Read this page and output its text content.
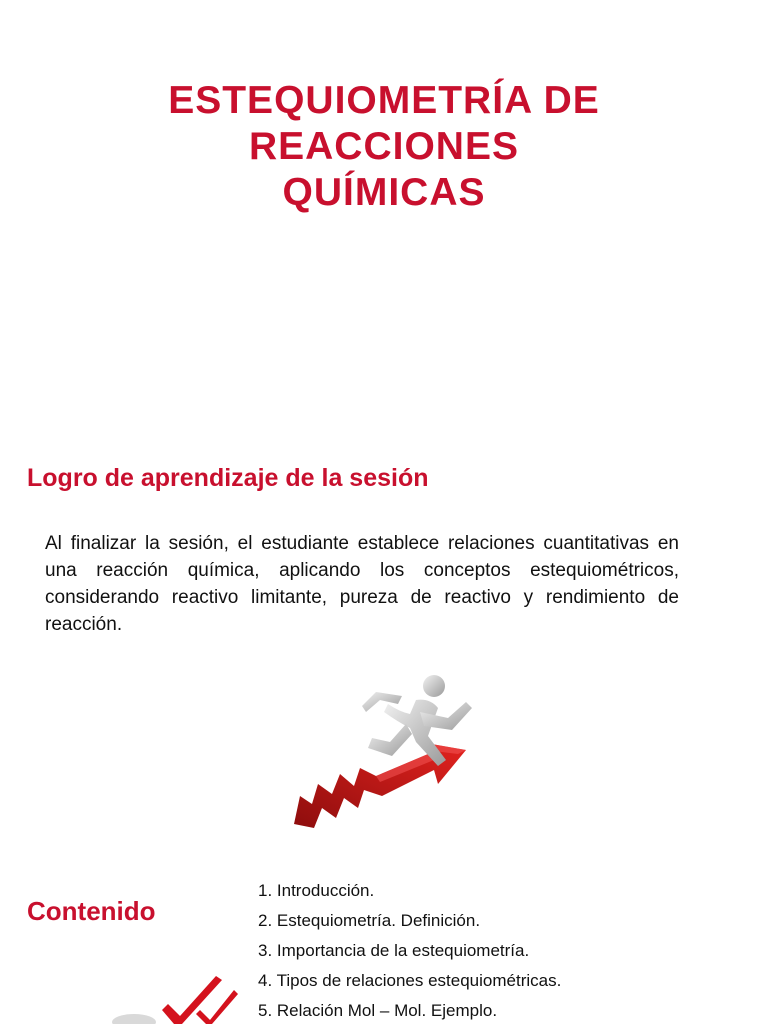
ESTEQUIOMETRÍA DE
REACCIONES
QUÍMICAS
Logro de aprendizaje de la sesión

Al finalizar la sesión, el estudiante establece relaciones cuantitativas en una reacción química, aplicando los conceptos estequiométricos, considerando reactivo limitante, pureza de reactivo y rendimiento de reacción.

Contenido
1. Introducción.
2. Estequiometría. Definición.
3. Importancia de la estequiometría.
4. Tipos de relaciones estequiométricas.
5. Relación Mol – Mol. Ejemplo.
